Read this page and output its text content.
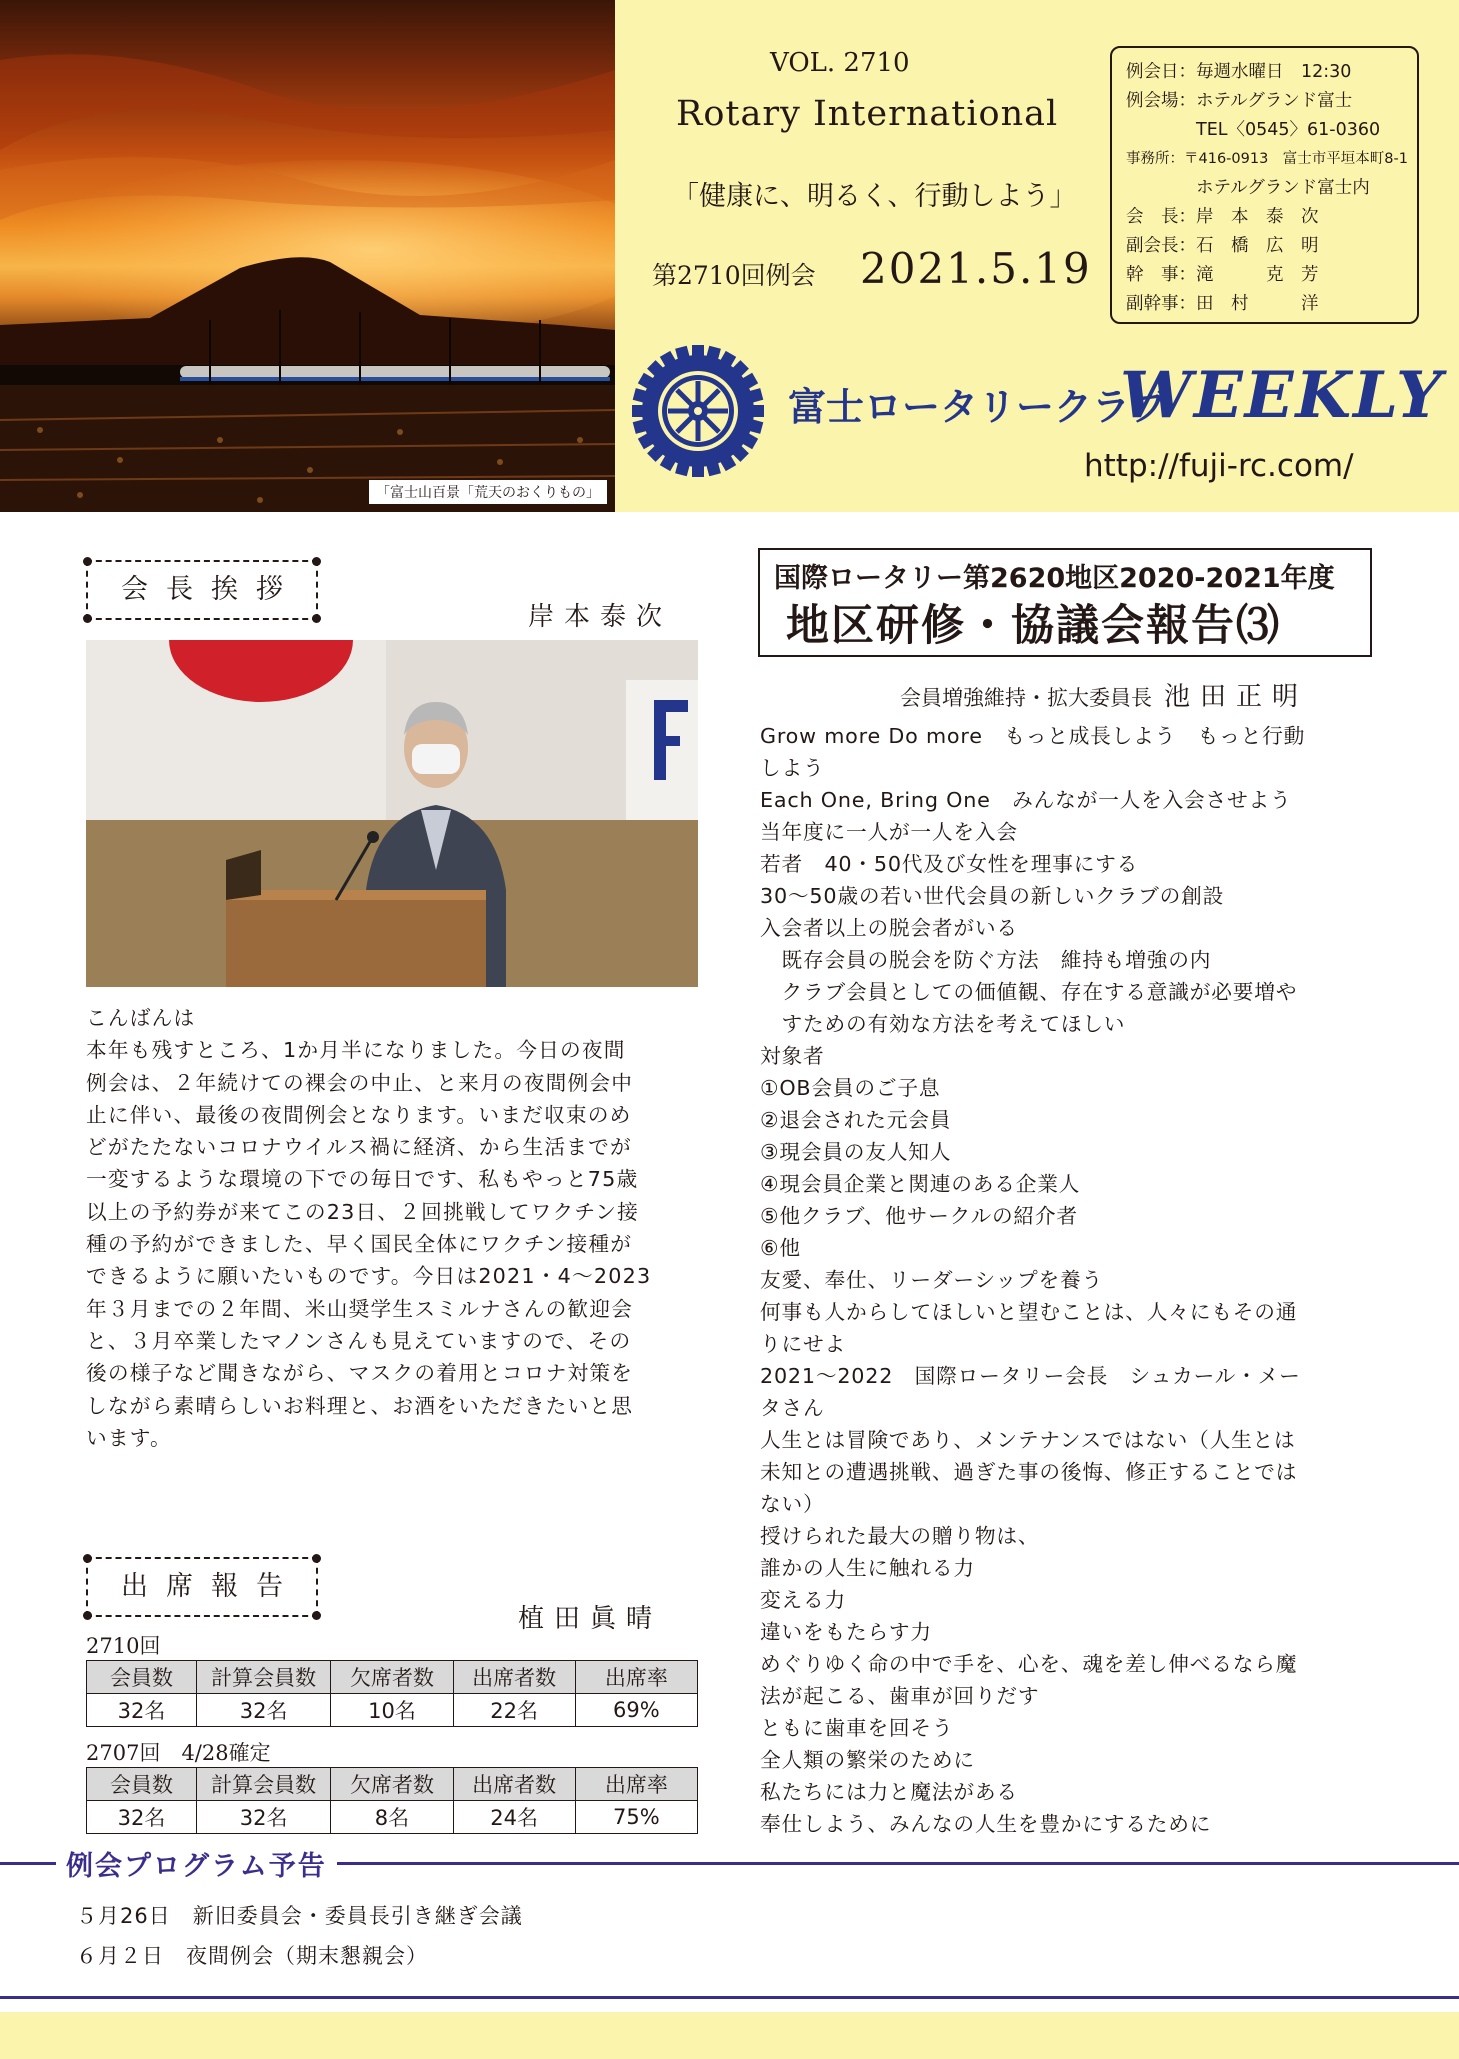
「富士山百景「荒天のおくりもの」
VOL. 2710
Rotary International
「健康に、明るく、行動しよう」
第2710回例会 2021.5.19
例会日：毎週水曜日　12:30
例会場：ホテルグランド富士
　　　　TEL〈0545〉61-0360
事務所：〒416-0913　富士市平垣本町8-1
　　　　ホテルグランド富士内
会　長：岸　本　泰　次
副会長：石　橋　広　明
幹　事：滝　　　克　芳
副幹事：田　村　　　洋
富士ロータリークラブ
WEEKLY
http://fuji-rc.com/
会長挨拶
岸本泰次

こんばんは

本年も残すところ、1か月半になりました。今日の夜間

例会は、２年続けての裸会の中止、と来月の夜間例会中

止に伴い、最後の夜間例会となります。いまだ収束のめ

どがたたないコロナウイルス禍に経済、から生活までが

一変するような環境の下での毎日です、私もやっと75歳

以上の予約券が来てこの23日、２回挑戦してワクチン接

種の予約ができました、早く国民全体にワクチン接種が

できるように願いたいものです。今日は2021・4～2023

年３月までの２年間、米山奨学生スミルナさんの歓迎会

と、３月卒業したマノンさんも見えていますので、その

後の様子など聞きながら、マスクの着用とコロナ対策を

しながら素晴らしいお料理と、お酒をいただきたいと思

います。

出席報告
植田眞晴
2710回
会員数	計算会員数	欠席者数	出席者数	出席率
32名	32名	10名	22名	69%
2707回　4/28確定
会員数	計算会員数	欠席者数	出席者数	出席率
32名	32名	8名	24名	75%
国際ロータリー第2620地区2020-2021年度
地区研修・協議会報告⑶
会員増強維持・拡大委員長 池田正明

Grow more Do more　もっと成長しよう　もっと行動

しよう

Each One, Bring One　みんなが一人を入会させよう

当年度に一人が一人を入会

若者　40・50代及び女性を理事にする

30～50歳の若い世代会員の新しいクラブの創設

入会者以上の脱会者がいる

　既存会員の脱会を防ぐ方法　維持も増強の内

　クラブ会員としての価値観、存在する意識が必要増や

　すための有効な方法を考えてほしい

対象者

①OB会員のご子息

②退会された元会員

③現会員の友人知人

④現会員企業と関連のある企業人

⑤他クラブ、他サークルの紹介者

⑥他

友愛、奉仕、リーダーシップを養う

何事も人からしてほしいと望むことは、人々にもその通

りにせよ

2021～2022　国際ロータリー会長　シュカール・メー

タさん

人生とは冒険であり、メンテナンスではない（人生とは

未知との遭遇挑戦、過ぎた事の後悔、修正することでは

ない）

授けられた最大の贈り物は、

誰かの人生に触れる力

変える力

違いをもたらす力

めぐりゆく命の中で手を、心を、魂を差し伸べるなら魔

法が起こる、歯車が回りだす

ともに歯車を回そう

全人類の繁栄のために

私たちには力と魔法がある

奉仕しよう、みんなの人生を豊かにするために

例会プログラム予告
５月26日　新旧委員会・委員長引き継ぎ会議
６月２日　夜間例会（期末懇親会）
